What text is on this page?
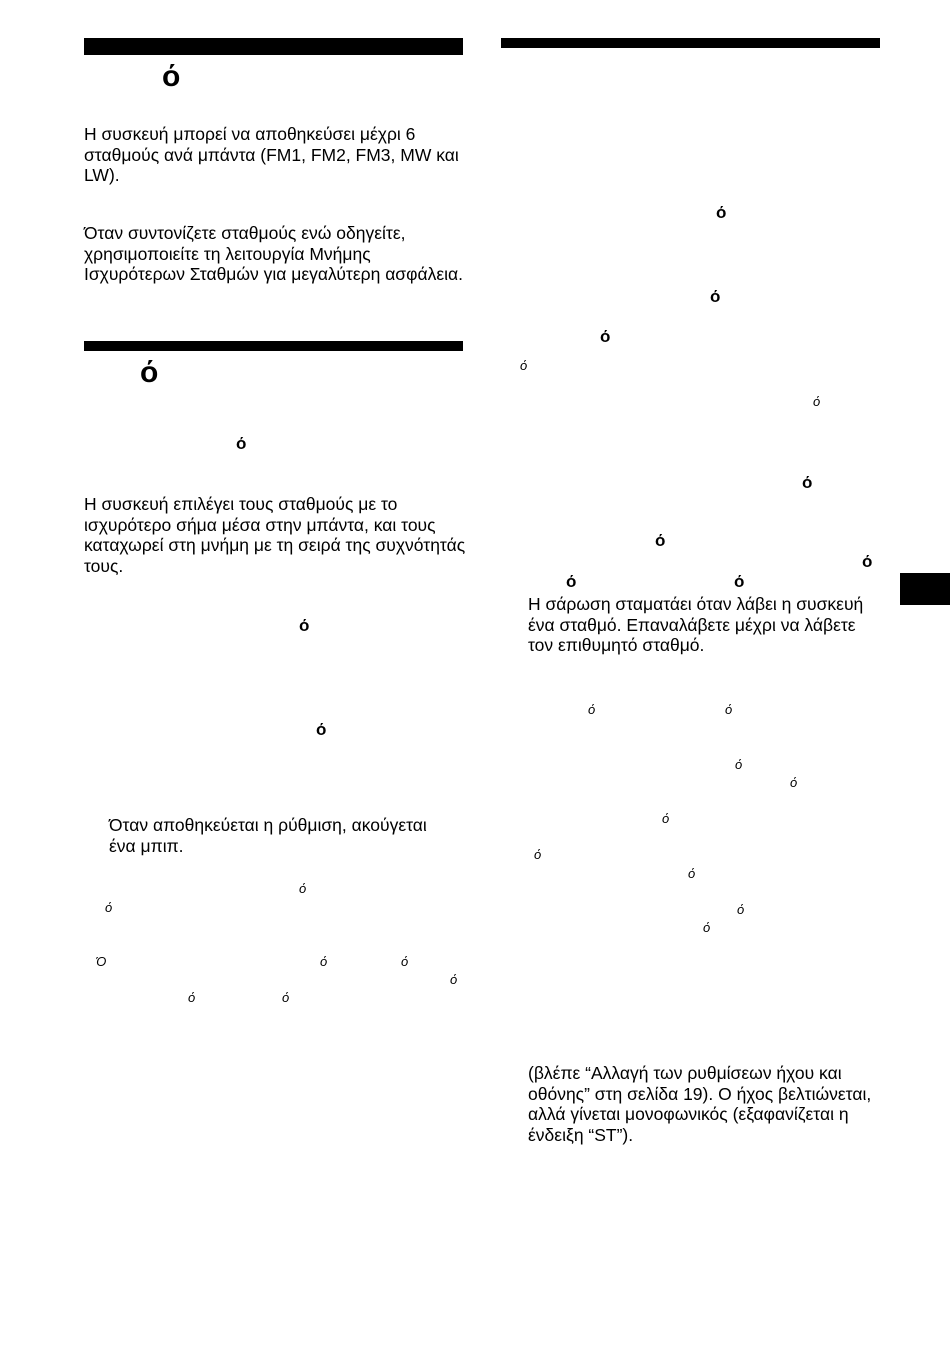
ό
ό
ό
ό
ό

Η συσκευή μπορεί να αποθηκεύσει μέχρι 6 σταθμούς ανά μπάντα (FM1, FM2, FM3, MW και LW).

Όταν συντονίζετε σταθμούς ενώ οδηγείτε, χρησιμοποιείτε τη λειτουργία Μνήμης Ισχυρότερων Σταθμών για μεγαλύτερη ασφάλεια.

Η συσκευή επιλέγει τους σταθμούς με το ισχυρότερο σήμα μέσα στην μπάντα, και τους καταχωρεί στη μνήμη με τη σειρά της συχνότητάς τους.

Όταν αποθηκεύεται η ρύθμιση, ακούγεται ένα μπιπ.

ό
ό
Ό	ό	ό
ό
ό	ό
ό
ό
ό
ό
ό
ό
ό
ό
ό	ό

Η σάρωση σταματάει όταν λάβει η συσκευή ένα σταθμό. Επαναλάβετε μέχρι να λάβετε τον επιθυμητό σταθμό.

(βλέπε “Αλλαγή των ρυθμίσεων ήχου και οθόνης” στη σελίδα 19). Ο ήχος βελτιώνεται, αλλά γίνεται μονοφωνικός (εξαφανίζεται η ένδειξη “ST”).

ό	ό
ό
ό
ό
ό
ό
ό
ό
